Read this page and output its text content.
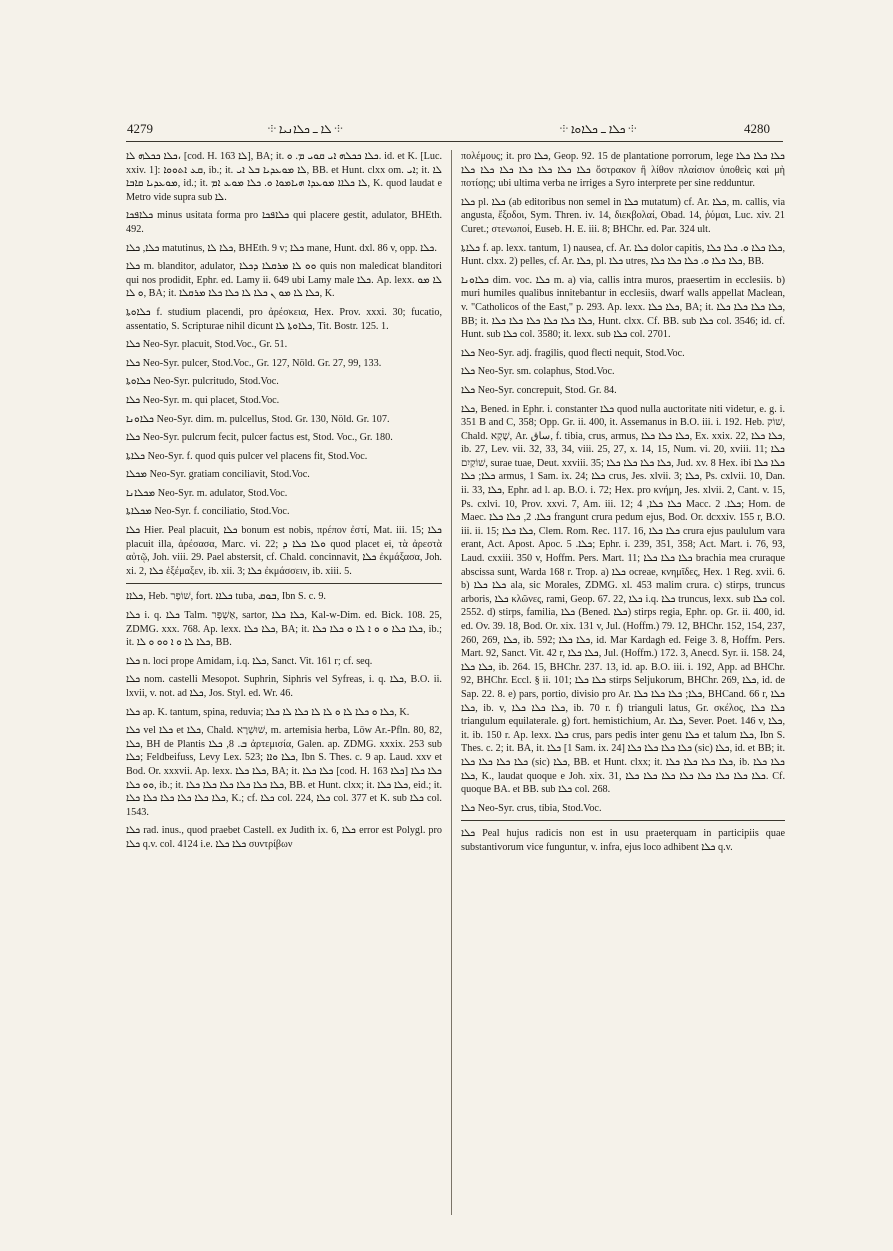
4279	⸭ ܠܐ ـ ܟܠܐܢܝܐ ⸭	⸭ ܟܠܐ ـ ܟܠܐܘܐ ⸭	4280

ܟܠܐ ܟܟܠܗ ܠܐ، [cod. H. 163 ܠܐ], BA; it. ܟܠܐ ܟܟܠܗ ܐܝ ܩܘܝ ܡ. ܘ. id. et K. [Luc. xxiv. 1]: ܩܥ ܐܬܘܘܐ, ib.; it. ܠܐ ܡܘܥܕܝܐ ܒܠ ܐܝ, BB. et Hunt. clxx om. ܐܝ; it. ܠܐ ܡܘܥܕܝܐ ܩܐܒܐ, id.; it. ܠܐ ܟܠܐܐ ܡܘܥܕܐ ܗܝܐܡܘܐ ܘ. ܟܠܐ ܡܘܥ ܐܡ, K. quod laudat e Metro vide supra sub ܠܐ.

ܟܠܐܦܟܐ minus usitata forma pro ܟܠܐܦܟܐ qui placere gestit, adulator, BHEth. 492.

ܟܠܐ, ܟܠܐ matutinus, ܟܠܐ ܠܐ, BHEth. 9 v; ܟܠܐ mane, Hunt. dxl. 86 v, opp. ܟܠܐ.

ܟܠܐ m. blanditor, adulator, ܘܘ ܠܐ ܡܪܩܠܐ ܕܟܠܐ quis non maledicat blanditori qui nos prodidit, Ephr. ed. Lamy ii. 649 ubi Lamy male ܟܠܐ. Ap. lexx. ܠܐ ܡܘ ܘ ܠܐ, BA; it. ܟܠܐ ܠܐ ܡܘ ܢ ܟܠܐ ܠܐ ܟܠܐ ܟܠܐ ܡܪܩܠܐ, K.

ܟܠܐܘܬܐ f. studium placendi, pro ἀρέσκεια, Hex. Prov. xxxi. 30; fucatio, assentatio, S. Scripturae nihil dicunt ܟܠܐܘܬܐ ܠܐ, Tit. Bostr. 125. 1.

ܟܠܐ Neo-Syr. placuit, Stod.Voc., Gr. 51.

ܟܠܐ Neo-Syr. pulcer, Stod.Voc., Gr. 127, Nöld. Gr. 27, 99, 133.

ܟܠܐܘܬܐ Neo-Syr. pulcritudo, Stod.Voc.

ܟܠܐ Neo-Syr. m. qui placet, Stod.Voc.

ܟܠܐܘܢܐ Neo-Syr. dim. m. pulcellus, Stod. Gr. 130, Nöld. Gr. 107.

ܟܠܐ Neo-Syr. pulcrum fecit, pulcer factus est, Stod. Voc., Gr. 180.

ܟܠܐܬܐ Neo-Syr. f. quod quis pulcer vel placens fit, Stod.Voc.

ܡܟܠܐ Neo-Syr. gratiam conciliavit, Stod.Voc.

ܡܟܠܐܢܐ Neo-Syr. m. adulator, Stod.Voc.

ܡܟܠܐܬܐ Neo-Syr. f. conciliatio, Stod.Voc.

ܟܠܐ Hier. Peal placuit, ܟܠܐ bonum est nobis, πρέπον ἐστί, Mat. iii. 15; ܟܠܐ placuit illa, ἀρέσασα, Marc. vi. 22; ܘܠܐ ܟܠܐ ܕ quod placet ei, τὰ ἀρεστὰ αὐτῷ, Joh. viii. 29. Pael abstersit, cf. Chald. concinnavit, ܟܠܐ ἐκμάξασα, Joh. xi. 2, ܟܠܐ ἐξέμαξεν, ib. xii. 3; ܟܠܐ ἐκμάσσειν, ib. xiii. 5.

ܟܠܐܐ, Heb. שׁוֹפָר, fort. ܟܠܐܐ tuba, ܒܘܩ, Ibn S. c. 9.

ܟܠܐ i. q. ܟܠܐ Talm. אַשְׁפָּר, sartor, ܟܠܐ ܟܠܐ, Kal-w-Dim. ed. Bick. 108. 25, ZDMG. xxx. 768. Ap. lexx. ܟܠܐ ܟܠܐ, BA; it. ܟܠܐ ܟܠܐ ܘ ܘ ܐ ܠܐ ܘ ܟܠܐ ܟܠܐ, ib.; it. ܟܠܐ ܠܐ ܘ ܐ ܘܘ ܘ ܠܐ, BB.

ܟܠܐ n. loci prope Amidam, i.q. ܟܠܐ, Sanct. Vit. 161 r; cf. seq.

ܟܠܐ nom. castelli Mesopot. Suphrin, Siphris vel Syfreas, i. q. ܟܠܐ, B.O. ii. lxvii, v. not. ad ܟܠܐ, Jos. Styl. ed. Wr. 46.

ܟܠܐ ap. K. tantum, spina, reduvia; ܟܠܐ ܘ ܟܠܐ ܠܐ ܘ ܠܐ ܠܐ ܟܠܐ ܠܐ ܟܠܐ, K.

ܟܠܐ vel ܟܠܐ et ܟܠܐ, Chald. שׁוּשְׁרָא, m. artemisia herba, Löw Ar.-Pfln. 80, 82, ܟܠܐ, BH de Plantis ܒ. 8, ܟܠܐ ἀρτεμισία, Galen. ap. ZDMG. xxxix. 253 sub ܟܠܐ; Feldbeifuss, Levy Lex. 523; ܟܠܐ ܘܐܐ, Ibn S. Thes. c. 9 ap. Laud. xxv et Bod. Or. xxxvii. Ap. lexx. ܟܠܐ ܟܠܐ, BA; it. ܟܠܐ ܟܠܐ [cod. H. 163 ܟܠܐ] ܟܠܐ ܟܠܐ ܘܘ ܟܠܐ, ib.; it. ܟܠܐ ܟܠܐ ܟܠܐ ܟܠܐ ܟܠܐ ܟܠܐ, BB. et Hunt. clxx; it. ܟܠܐ ܟܠܐ, eid.; it. ܟܠܐ ܟܠܐ ܟܠܐ ܟܠܐ ܟܠܐ ܟܠܐ, K.; cf. ܟܠܐ col. 224, ܟܠܐ col. 377 et K. sub ܟܠܐ col. 1543.

ܟܠܐ rad. inus., quod praebet Castell. ex Judith ix. 6, ܟܠܐ error est Polygl. pro ܟܠܐ q.v. col. 4124 i.e. ܟܠܐ ܟܠܐ συντρίβων

πολέμους; it. pro ܟܠܐ, Geop. 92. 15 de plantatione porrorum, lege ܟܠܐ ܟܠܐ ܟܠܐ ܟܠܐ ܟܠܐ ܟܠܐ ܟܠܐ ܟܠܐ ܟܠܐ ܟܠܐ ὄστρακον ἢ λίθον πλαίσιον ὑποθεὶς καὶ μὴ ποτίσῃς; ubi ultima verba ne irriges a Syro interprete per sine redduntur.

ܟܠܐ pl. ܟܠܐ (ab editoribus non semel in ܟܠܐ mutatum) cf. Ar. ܟܠܐ, m. callis, via angusta, ἔξοδοι, Sym. Thren. iv. 14, διεκβολαί, Obad. 14, ῥύμαι, Luc. xiv. 21 Curet.; στενωποί, Euseb. H. E. iii. 8; BHChr. ed. Par. 324 ult.

ܟܠܐܬܐ f. ap. lexx. tantum, 1) nausea, cf. Ar. ܟܠܐ dolor capitis, ܟܠܐ ܟܠܐ ܘ. ܟܠܐ ܟܠܐ, Hunt. clxx. 2) pelles, cf. Ar. ܟܠܐ, pl. ܟܠܐ utres, ܟܠܐ ܟܠܐ ܘ. ܟܠܐ ܟܠܐ ܟܠܐ, BB.

ܟܠܐܘܢܐ dim. voc. ܟܠܐ m. a) via, callis intra muros, praesertim in ecclesiis. b) muri humiles qualibus innitebantur in ecclesiis, dwarf walls appellat Maclean, v. "Catholicos of the East," p. 293. Ap. lexx. ܟܠܐ ܟܠܐ, BA; it. ܟܠܐ ܟܠܐ ܟܠܐ ܟܠܐ, BB; it. ܟܠܐ ܟܠܐ ܟܠܐ ܟܠܐ ܟܠܐ ܟܠܐ, Hunt. clxx. Cf. BB. sub ܟܠܐ col. 3546; id. cf. Hunt. sub ܟܠܐ col. 3580; it. lexx. sub ܟܠܐ col. 2701.

ܟܠܐ Neo-Syr. adj. fragilis, quod flecti nequit, Stod.Voc.

ܟܠܐ Neo-Syr. sm. colaphus, Stod.Voc.

ܟܠܐ Neo-Syr. concrepuit, Stod. Gr. 84.

ܟܠܐ, Bened. in Ephr. i. constanter ܟܠܐ quod nulla auctoritate niti videtur, e. g. i. 351 B and C, 358; Opp. Gr. ii. 400, it. Assemanus in B.O. iii. i. 192. Heb. שׁוֹק, Chald. שָׁקָא, Ar. ساق, f. tibia, crus, armus, ܟܠܐ ܟܠܐ ܟܠܐ, Ex. xxix. 22, ܟܠܐ ܟܠܐ, ib. 27, Lev. vii. 32, 33, 34, viii. 25, 27, x. 14, 15, Num. vi. 20, xviii. 11; ܟܠܐ שׁוֹקַיִם, surae tuae, Deut. xxviii. 35; ܟܠܐ ܟܠܐ ܟܠܐ ܟܠܐ, Jud. xv. 8 Hex. ibi ܟܠܐ ܟܠܐ ܟܠܐ; ܟܠܐ armus, 1 Sam. ix. 24; ܟܠܐ crus, Jes. xlvii. 3; ܟܠܐ, Ps. cxlvii. 10, Dan. ii. 33, ܟܠܐ, Ephr. ad l. ap. B.O. i. 72; Hex. pro κνήμη, Jes. xlvii. 2, Cant. v. 15, Ps. cxlvi. 10, Prov. xxvi. 7, Am. iii. 12; ܟܠܐ ܟܠܐ, 4 Macc. ܟܠܐ. 2; Hom. de Maec. ܟܠܐ. 2, ܟܠܐ ܟܠܐ frangunt crura pedum ejus, Bod. Or. dcxxiv. 155 r, B.O. iii. ii. 15; ܟܠܐ ܟܠܐ, Clem. Rom. Rec. 117. 16, ܟܠܐ ܟܠܐ crura ejus paululum vara erant, Act. Apost. Apoc. ܟܠܐ. 5; Ephr. i. 239, 351, 358; Act. Mart. i. 76, 93, Laud. cxxiii. 350 v, Hoffm. Pers. Mart. 11; ܟܠܐ ܟܠܐ ܟܠܐ brachia mea cruraque abscissa sunt, Warda 168 r. Trop. a) ܟܠܐ ocreae, κνημῖδες, Hex. 1 Reg. xvii. 6. b) ܟܠܐ ܟܠܐ ala, sic Morales, ZDMG. xl. 453 malim crura. c) stirps, truncus arboris, ܟܠܐ κλῶνες, rami, Geop. 67. 22, ܟܠܐ i.q. ܟܠܐ truncus, lexx. sub ܟܠܐ col. 2552. d) stirps, familia, ܟܠܐ (Bened. ܟܠܐ) stirps regia, Ephr. op. Gr. ii. 400, id. ed. Ov. 39. 18, Bod. Or. xix. 131 v, Jul. (Hoffm.) 79. 12, BHChr. 152, 154, 237, 260, 269, ܟܠܐ, ib. 592; ܟܠܐ ܟܠܐ, id. Mar Kardagh ed. Feige 3. 8, Hoffm. Pers. Mart. 92, Sanct. Vit. 42 r, ܟܠܐ ܟܠܐ, Jul. (Hoffm.) 172. 3, Anecd. Syr. ii. 158. 24, ܟܠܐ ܟܠܐ, ib. 264. 15, BHChr. 237. 13, id. ap. B.O. iii. i. 192, App. ad BHChr. 92, BHChr. Eccl. § ii. 101; ܟܠܐ ܟܠܐ stirps Seljukorum, BHChr. 269, ܟܠܐ, id. de Sap. 22. 8. e) pars, portio, divisio pro Ar. ܟܠܐ; ܟܠܐ ܟܠܐ ܟܠܐ, BHCand. 66 r, ܟܠܐ ܟܠܐ, ib. v, ܟܠܐ ܟܠܐ ܟܠܐ, ib. 70 r. f) trianguli latus, Gr. σκέλος, ܟܠܐ ܟܠܐ triangulum equilaterale. g) fort. hemistichium, Ar. ܟܠܐ, Sever. Poet. 146 v, ܟܠܐ, it. ib. 150 r. Ap. lexx. ܟܠܐ crus, pars pedis inter genu ܟܠܐ et talum ܟܠܐ, Ibn S. Thes. c. 2; it. BA, it. ܟܠܐ [1 Sam. ix. 24] ܟܠܐ ܟܠܐ ܟܠܐ ܟܠܐ (sic) ܟܠܐ, id. et BB; it. ܟܠܐ ܟܠܐ ܟܠܐ ܟܠܐ (sic) ܟܠܐ, BB. et Hunt. clxx; it. ܟܠܐ ܟܠܐ ܟܠܐ ܟܠܐ, ib. ܟܠܐ ܟܠܐ ܟܠܐ, K., laudat quoque e Joh. xix. 31, ܟܠܐ ܟܠܐ ܟܠܐ ܟܠܐ ܟܠܐ ܟܠܐ ܟܠܐ ܟܠܐ. Cf. quoque BA. et BB. sub ܟܠܐ col. 268.

ܟܠܐ Neo-Syr. crus, tibia, Stod.Voc.

ܟܠܐ Peal hujus radicis non est in usu praeterquam in participiis quae substantivorum vice funguntur, v. infra, ejus loco adhibent ܟܠܐ q.v.
